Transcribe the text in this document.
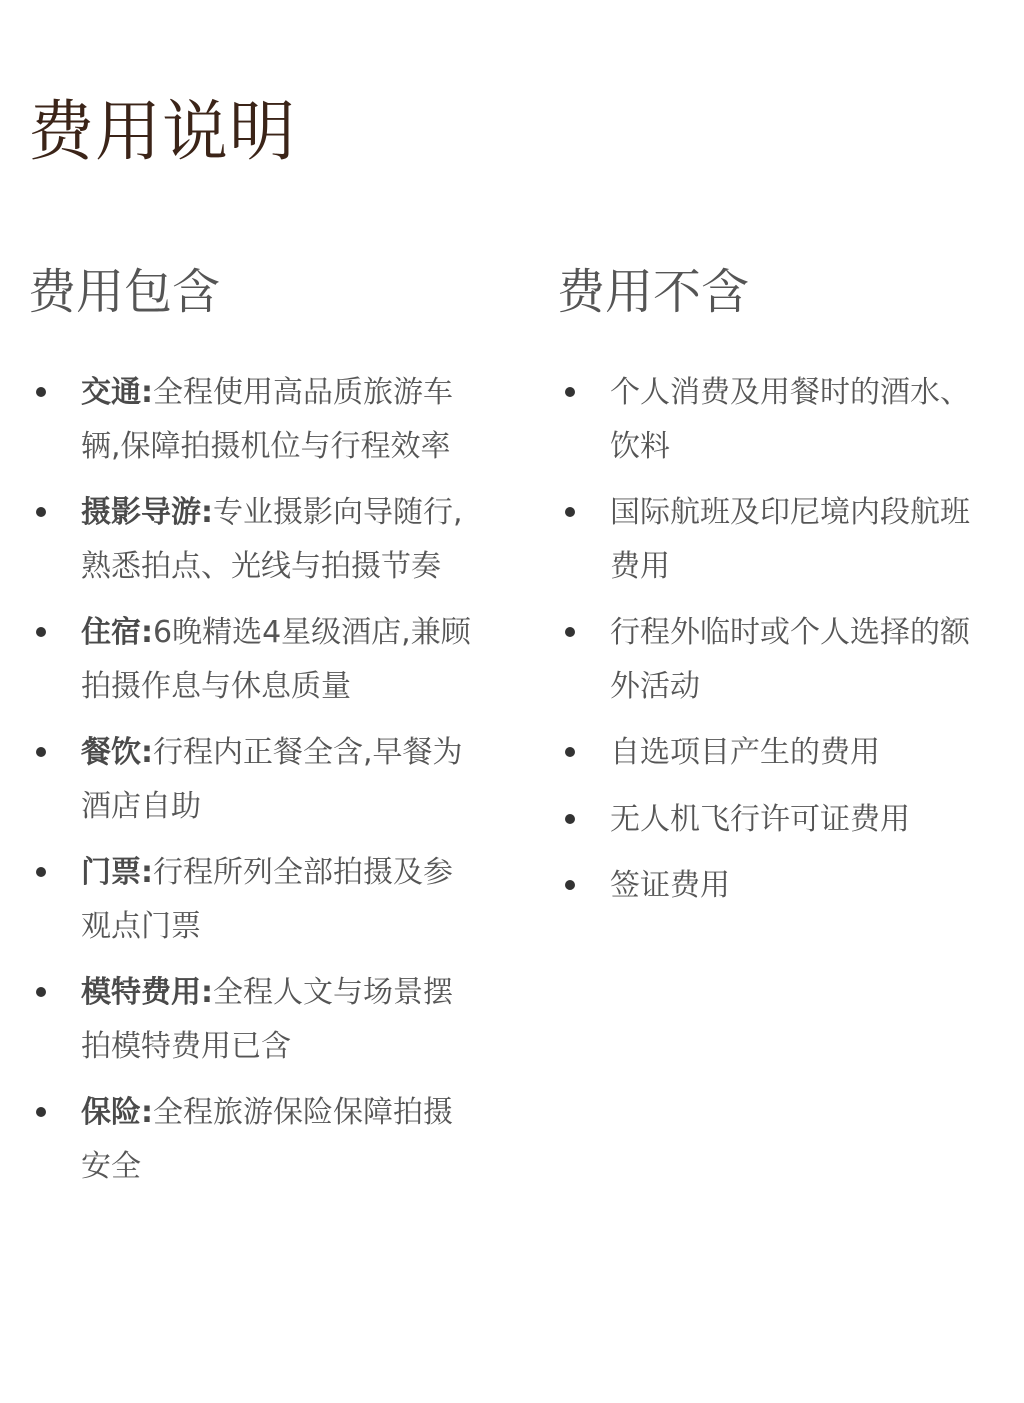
费用说明
费用包含
交通:全程使用高品质旅游车辆,保障拍摄机位与行程效率
摄影导游:专业摄影向导随行,熟悉拍点、光线与拍摄节奏
住宿:6晚精选4星级酒店,兼顾拍摄作息与休息质量
餐饮:行程内正餐全含,早餐为酒店自助
门票:行程所列全部拍摄及参观点门票
模特费用:全程人文与场景摆拍模特费用已含
保险:全程旅游保险保障拍摄安全
费用不含
个人消费及用餐时的酒水、饮料
国际航班及印尼境内段航班费用
行程外临时或个人选择的额外活动
自选项目产生的费用
无人机飞行许可证费用
签证费用
